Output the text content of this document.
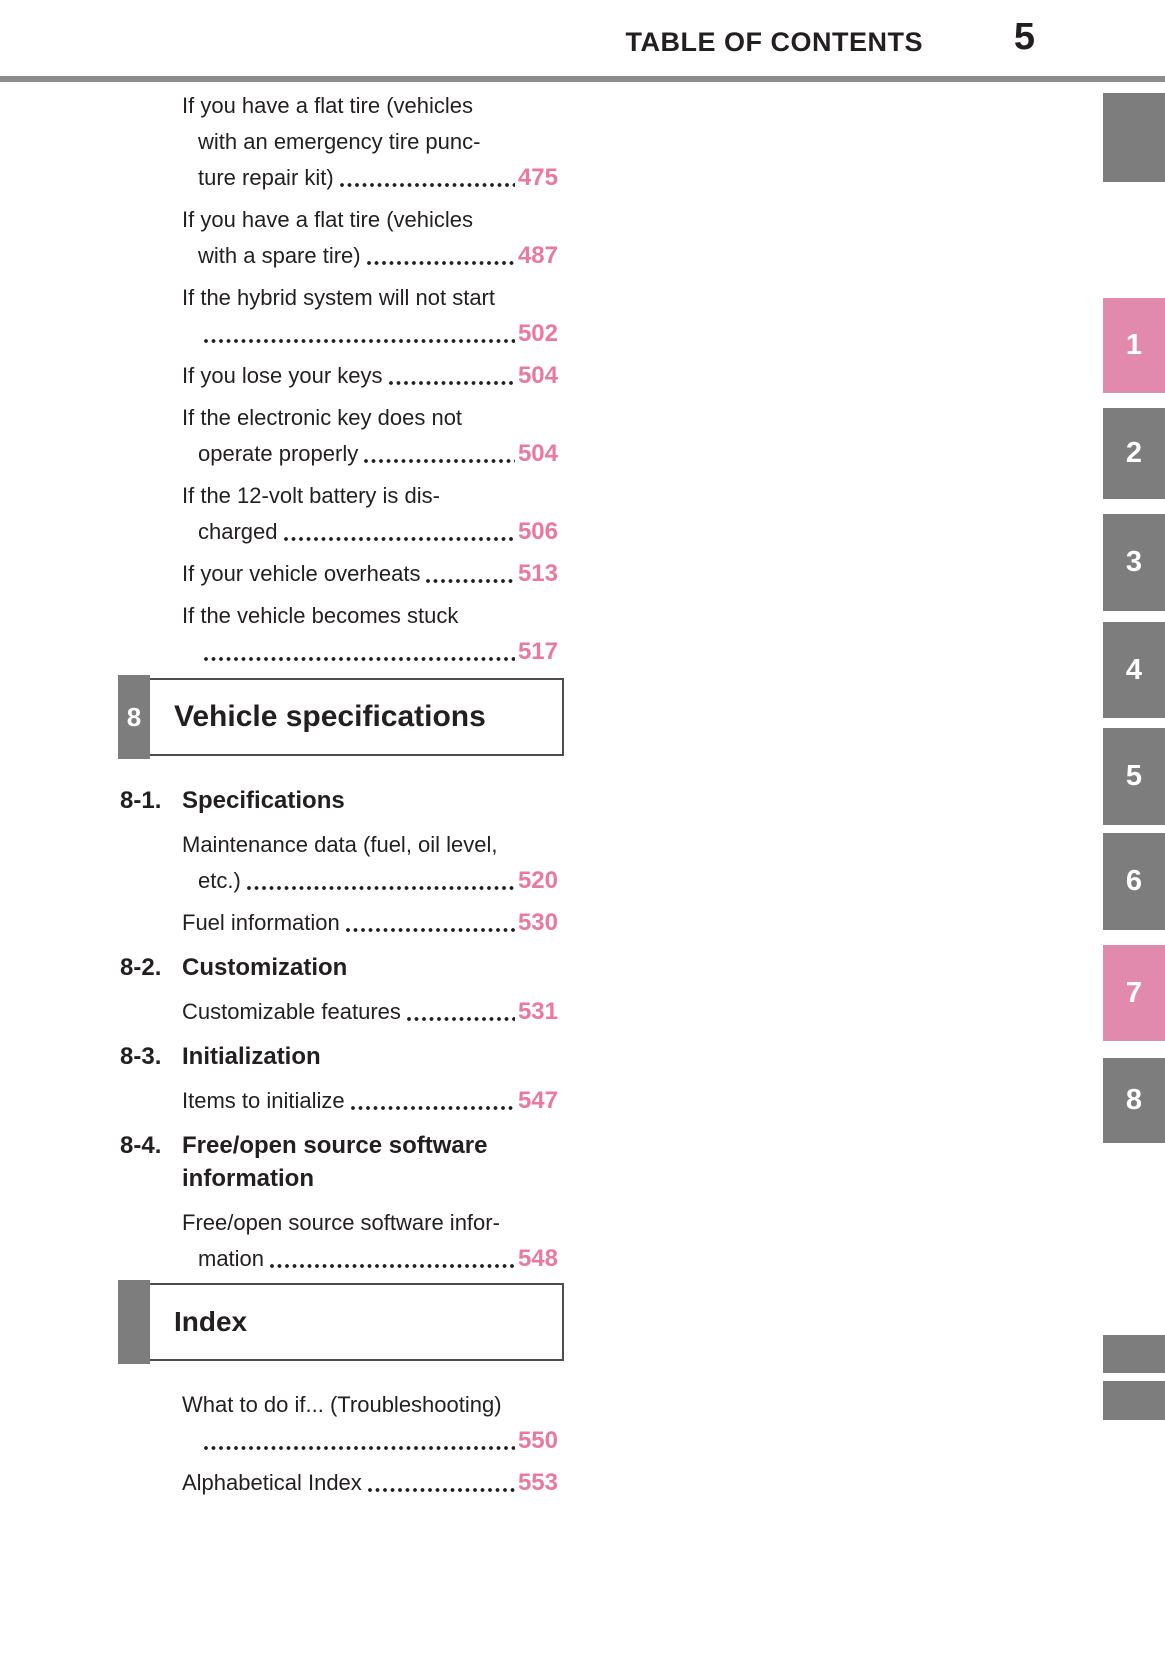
TABLE OF CONTENTS 5
If you have a flat tire (vehicles
with an emergency tire punc-
ture repair kit)	475
If you have a flat tire (vehicles
with a spare tire)	487
If the hybrid system will not start
502
If you lose your keys	504
If the electronic key does not
operate properly	504
If the 12-volt battery is dis-
charged	506
If your vehicle overheats	513
If the vehicle becomes stuck
517
8 Vehicle specifications
8-1. Specifications
Maintenance data (fuel, oil level,
etc.)	520
Fuel information	530
8-2. Customization
Customizable features	531
8-3. Initialization
Items to initialize	547
8-4. Free/open source software
information
Free/open source software infor-
mation	548
Index
What to do if... (Troubleshooting)
550
Alphabetical Index	553
1
2
3
4
5
6
7
8
